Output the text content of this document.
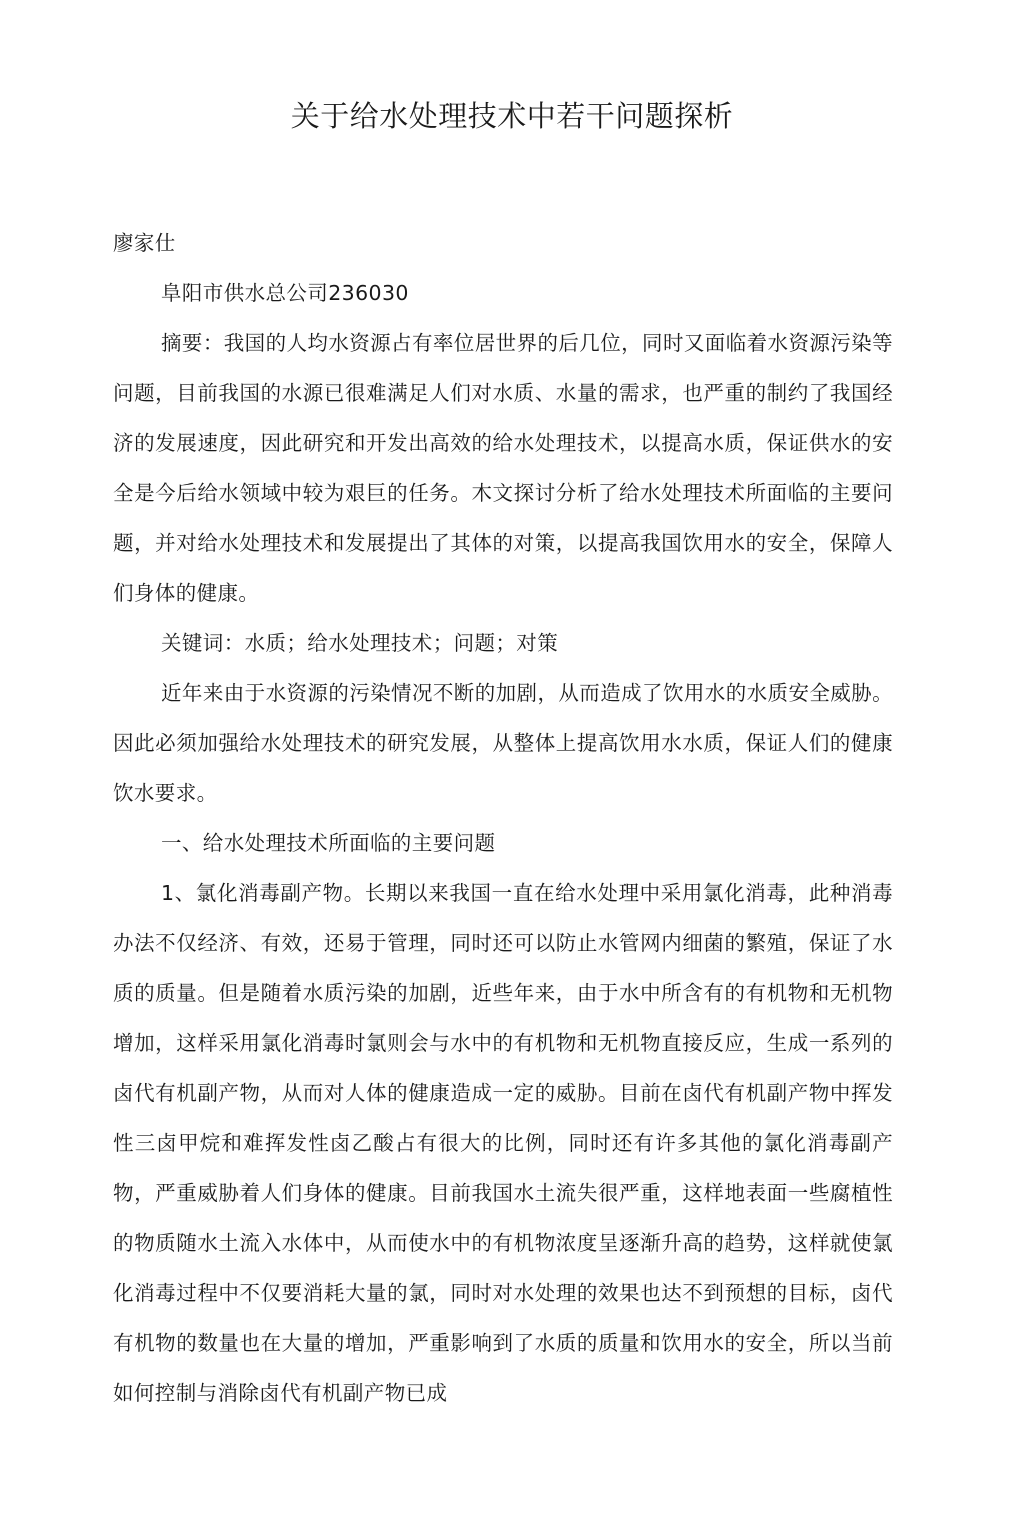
关于给水处理技术中若干问题探析

廖家仕

阜阳市供水总公司236030

摘要：我国的人均水资源占有率位居世界的后几位，同时又面临着水资源污染等问题，目前我国的水源已很难满足人们对水质、水量的需求，也严重的制约了我国经济的发展速度，因此研究和开发出高效的给水处理技术，以提高水质，保证供水的安全是今后给水领域中较为艰巨的任务。木文探讨分析了给水处理技术所面临的主要问题，并对给水处理技术和发展提出了其体的对策，以提高我国饮用水的安全，保障人们身体的健康。

关键词：水质；给水处理技术；问题；对策

近年来由于水资源的污染情况不断的加剧，从而造成了饮用水的水质安全威胁。因此必须加强给水处理技术的研究发展，从整体上提高饮用水水质，保证人们的健康饮水要求。

一、给水处理技术所面临的主要问题

1、氯化消毒副产物。长期以来我国一直在给水处理中采用氯化消毒，此种消毒办法不仅经济、有效，还易于管理，同时还可以防止水管网内细菌的繁殖，保证了水质的质量。但是随着水质污染的加剧，近些年来，由于水中所含有的有机物和无机物增加，这样采用氯化消毒时氯则会与水中的有机物和无机物直接反应，生成一系列的卤代有机副产物，从而对人体的健康造成一定的威胁。目前在卤代有机副产物中挥发性三卤甲烷和难挥发性卤乙酸占有很大的比例，同时还有许多其他的氯化消毒副产物，严重威胁着人们身体的健康。目前我国水土流失很严重，这样地表面一些腐植性的物质随水土流入水体中，从而使水中的有机物浓度呈逐渐升高的趋势，这样就使氯化消毒过程中不仅要消耗大量的氯，同时对水处理的效果也达不到预想的目标，卤代有机物的数量也在大量的增加，严重影响到了水质的质量和饮用水的安全，所以当前如何控制与消除卤代有机副产物已成
